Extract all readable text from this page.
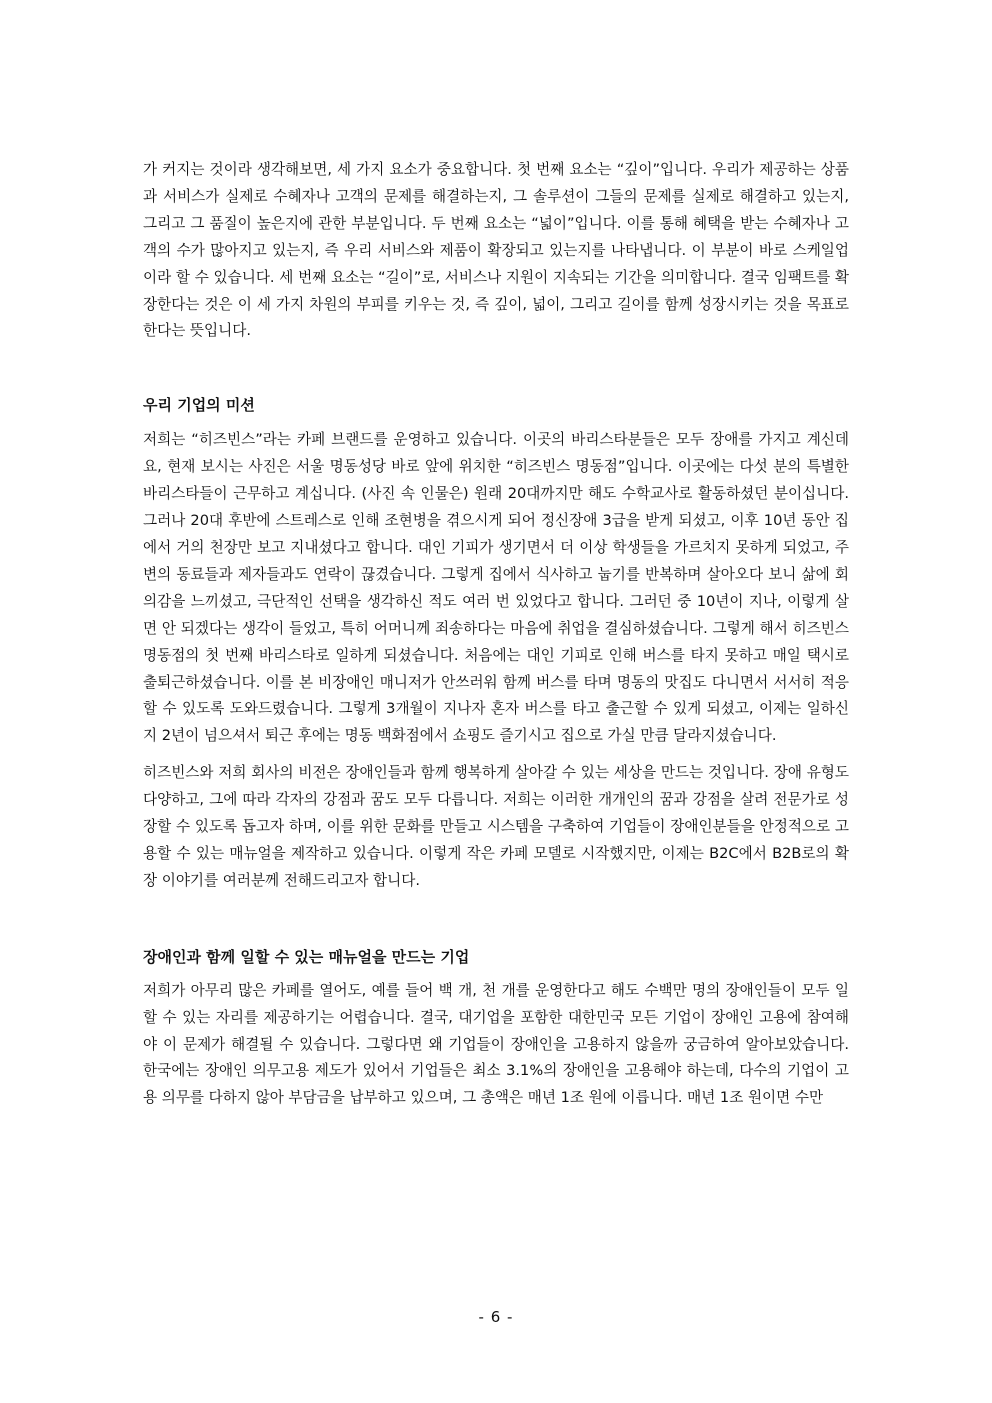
가 커지는 것이라 생각해보면, 세 가지 요소가 중요합니다. 첫 번째 요소는 “깊이”입니다. 우리가 제공하는 상품과 서비스가 실제로 수혜자나 고객의 문제를 해결하는지, 그 솔루션이 그들의 문제를 실제로 해결하고 있는지, 그리고 그 품질이 높은지에 관한 부분입니다. 두 번째 요소는 “넓이”입니다. 이를 통해 혜택을 받는 수혜자나 고객의 수가 많아지고 있는지, 즉 우리 서비스와 제품이 확장되고 있는지를 나타냅니다. 이 부분이 바로 스케일업이라 할 수 있습니다. 세 번째 요소는 “길이”로, 서비스나 지원이 지속되는 기간을 의미합니다. 결국 임팩트를 확장한다는 것은 이 세 가지 차원의 부피를 키우는 것, 즉 깊이, 넓이, 그리고 길이를 함께 성장시키는 것을 목표로 한다는 뜻입니다.

우리 기업의 미션

저희는 “히즈빈스”라는 카페 브랜드를 운영하고 있습니다. 이곳의 바리스타분들은 모두 장애를 가지고 계신데요, 현재 보시는 사진은 서울 명동성당 바로 앞에 위치한 “히즈빈스 명동점”입니다. 이곳에는 다섯 분의 특별한 바리스타들이 근무하고 계십니다. (사진 속 인물은) 원래 20대까지만 해도 수학교사로 활동하셨던 분이십니다. 그러나 20대 후반에 스트레스로 인해 조현병을 겪으시게 되어 정신장애 3급을 받게 되셨고, 이후 10년 동안 집에서 거의 천장만 보고 지내셨다고 합니다. 대인 기피가 생기면서 더 이상 학생들을 가르치지 못하게 되었고, 주변의 동료들과 제자들과도 연락이 끊겼습니다. 그렇게 집에서 식사하고 눕기를 반복하며 살아오다 보니 삶에 회의감을 느끼셨고, 극단적인 선택을 생각하신 적도 여러 번 있었다고 합니다. 그러던 중 10년이 지나, 이렇게 살면 안 되겠다는 생각이 들었고, 특히 어머니께 죄송하다는 마음에 취업을 결심하셨습니다. 그렇게 해서 히즈빈스 명동점의 첫 번째 바리스타로 일하게 되셨습니다. 처음에는 대인 기피로 인해 버스를 타지 못하고 매일 택시로 출퇴근하셨습니다. 이를 본 비장애인 매니저가 안쓰러워 함께 버스를 타며 명동의 맛집도 다니면서 서서히 적응할 수 있도록 도와드렸습니다. 그렇게 3개월이 지나자 혼자 버스를 타고 출근할 수 있게 되셨고, 이제는 일하신 지 2년이 넘으셔서 퇴근 후에는 명동 백화점에서 쇼핑도 즐기시고 집으로 가실 만큼 달라지셨습니다.

히즈빈스와 저희 회사의 비전은 장애인들과 함께 행복하게 살아갈 수 있는 세상을 만드는 것입니다. 장애 유형도 다양하고, 그에 따라 각자의 강점과 꿈도 모두 다릅니다. 저희는 이러한 개개인의 꿈과 강점을 살려 전문가로 성장할 수 있도록 돕고자 하며, 이를 위한 문화를 만들고 시스템을 구축하여 기업들이 장애인분들을 안정적으로 고용할 수 있는 매뉴얼을 제작하고 있습니다. 이렇게 작은 카페 모델로 시작했지만, 이제는 B2C에서 B2B로의 확장 이야기를 여러분께 전해드리고자 합니다.

장애인과 함께 일할 수 있는 매뉴얼을 만드는 기업

저희가 아무리 많은 카페를 열어도, 예를 들어 백 개, 천 개를 운영한다고 해도 수백만 명의 장애인들이 모두 일할 수 있는 자리를 제공하기는 어렵습니다. 결국, 대기업을 포함한 대한민국 모든 기업이 장애인 고용에 참여해야 이 문제가 해결될 수 있습니다. 그렇다면 왜 기업들이 장애인을 고용하지 않을까 궁금하여 알아보았습니다. 한국에는 장애인 의무고용 제도가 있어서 기업들은 최소 3.1%의 장애인을 고용해야 하는데, 다수의 기업이 고용 의무를 다하지 않아 부담금을 납부하고 있으며, 그 총액은 매년 1조 원에 이릅니다. 매년 1조 원이면 수만

- 6 -
